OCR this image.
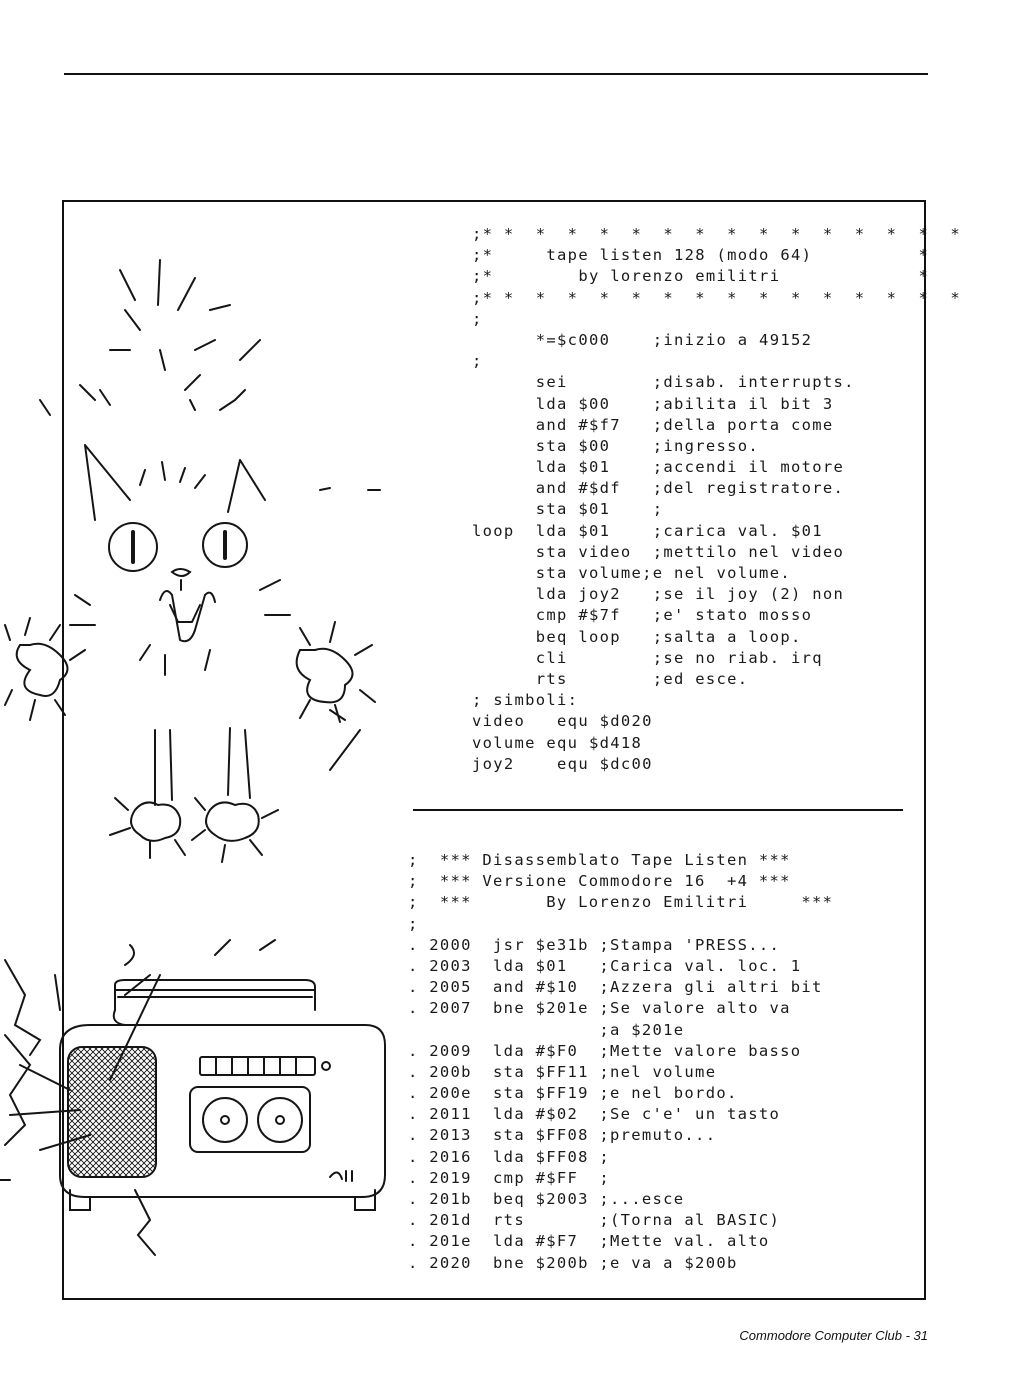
;* *  *  *  *  *  *  *  *  *  *  *  *  *  *  *
;*     tape listen 128 (modo 64)          *
;*        by lorenzo emilitri             *
;* *  *  *  *  *  *  *  *  *  *  *  *  *  *  *
;
*=$c000    ;inizio a 49152
;
sei        ;disab. interrupts.
lda $00    ;abilita il bit 3
and #$f7   ;della porta come
sta $00    ;ingresso.
lda $01    ;accendi il motore
and #$df   ;del registratore.
sta $01    ;
loop  lda $01    ;carica val. $01
sta video  ;mettilo nel video
sta volume;e nel volume.
lda joy2   ;se il joy (2) non
cmp #$7f   ;e' stato mosso
beq loop   ;salta a loop.
cli        ;se no riab. irq
rts        ;ed esce.
; simboli:
video   equ $d020
volume equ $d418
joy2    equ $dc00
;  *** Disassemblato Tape Listen ***
;  *** Versione Commodore 16  +4 ***
;  ***       By Lorenzo Emilitri     ***
;
. 2000  jsr $e31b ;Stampa 'PRESS...
. 2003  lda $01   ;Carica val. loc. 1
. 2005  and #$10  ;Azzera gli altri bit
. 2007  bne $201e ;Se valore alto va
;a $201e
. 2009  lda #$F0  ;Mette valore basso
. 200b  sta $FF11 ;nel volume
. 200e  sta $FF19 ;e nel bordo.
. 2011  lda #$02  ;Se c'e' un tasto
. 2013  sta $FF08 ;premuto...
. 2016  lda $FF08 ;
. 2019  cmp #$FF  ;
. 201b  beq $2003 ;...esce
. 201d  rts       ;(Torna al BASIC)
. 201e  lda #$F7  ;Mette val. alto
. 2020  bne $200b ;e va a $200b
Commodore Computer Club - 31
